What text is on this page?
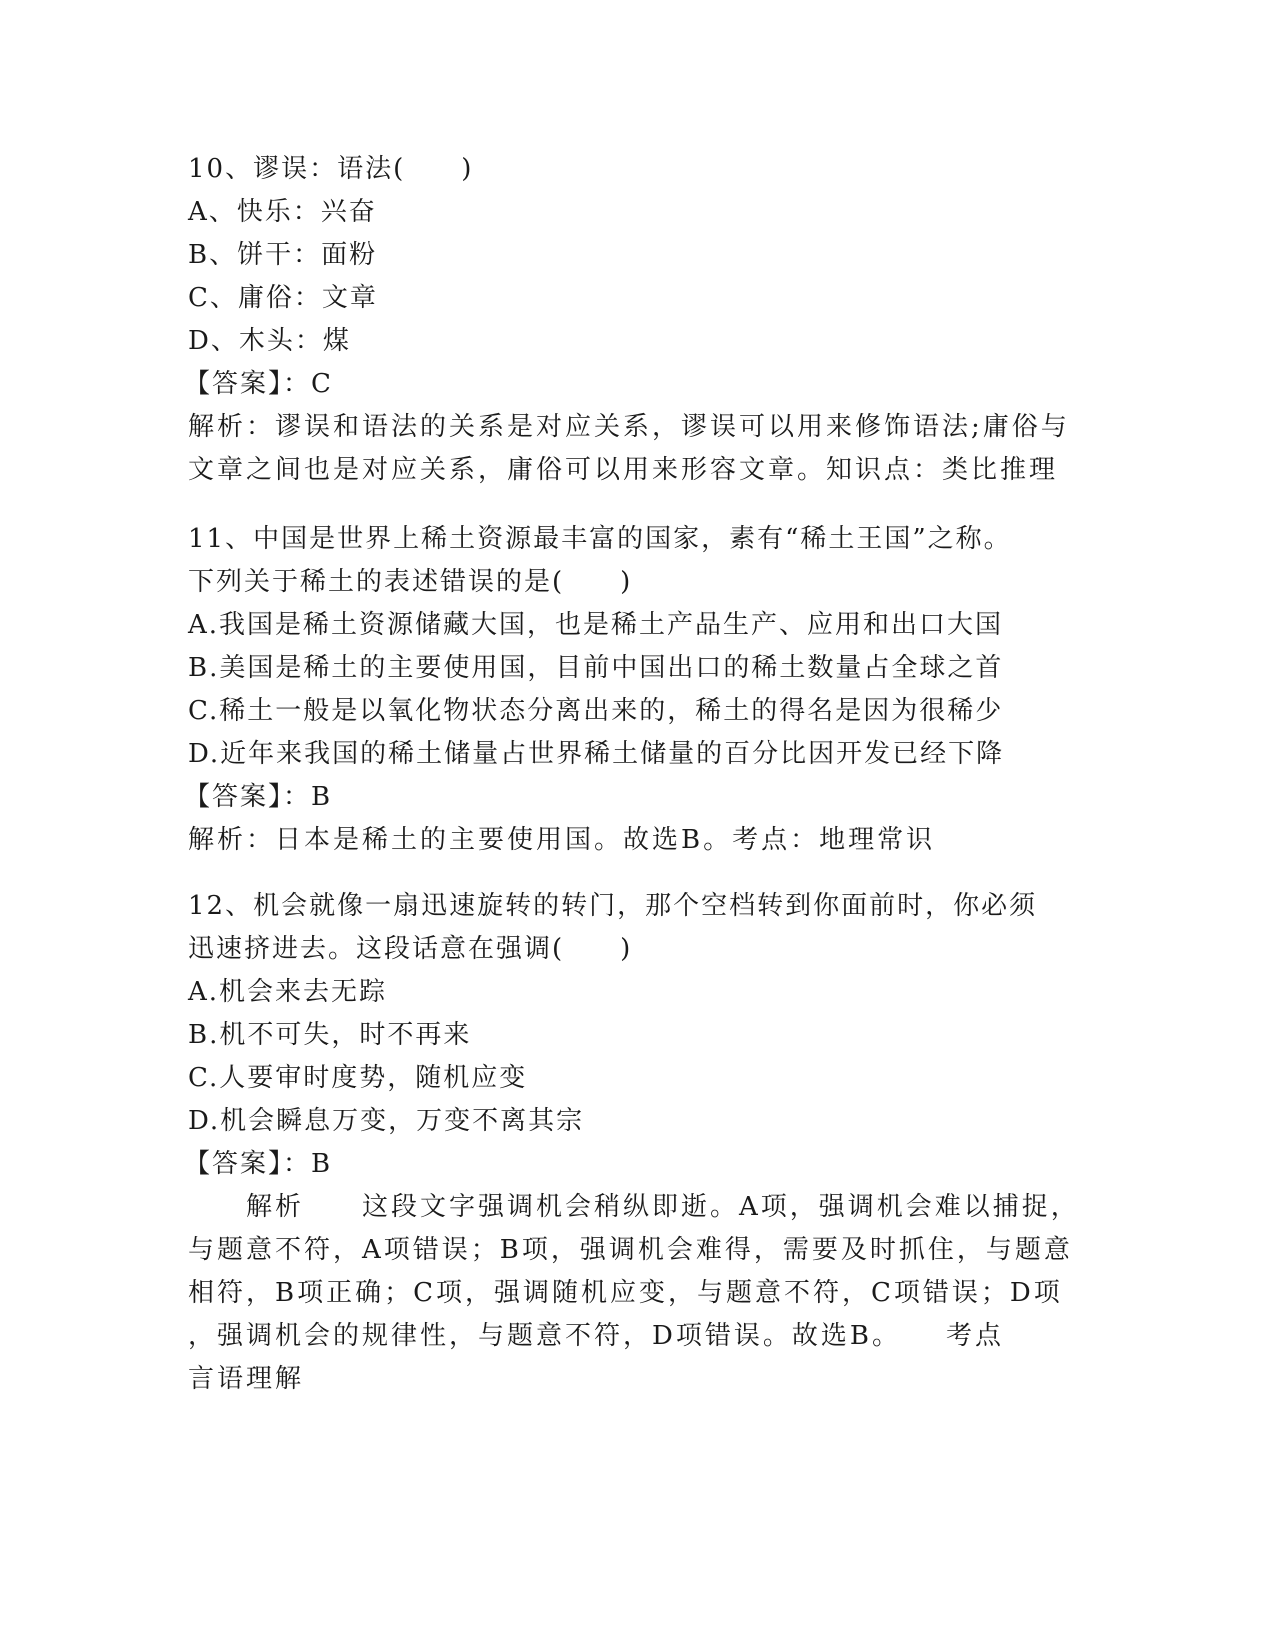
10、谬误：语法(　　)
A、快乐：兴奋
B、饼干：面粉
C、庸俗：文章
D、木头：煤
【答案】：C
解析：谬误和语法的关系是对应关系，谬误可以用来修饰语法;庸俗与
文章之间也是对应关系，庸俗可以用来形容文章。知识点：类比推理
11、中国是世界上稀土资源最丰富的国家，素有“稀土王国”之称。
下列关于稀土的表述错误的是(　　)
A.我国是稀土资源储藏大国，也是稀土产品生产、应用和出口大国
B.美国是稀土的主要使用国，目前中国出口的稀土数量占全球之首
C.稀土一般是以氧化物状态分离出来的，稀土的得名是因为很稀少
D.近年来我国的稀土储量占世界稀土储量的百分比因开发已经下降
【答案】：B
解析：日本是稀土的主要使用国。故选B。考点：地理常识
12、机会就像一扇迅速旋转的转门，那个空档转到你面前时，你必须
迅速挤进去。这段话意在强调(　　)
A.机会来去无踪
B.机不可失，时不再来
C.人要审时度势，随机应变
D.机会瞬息万变，万变不离其宗
【答案】：B
　　解析　　这段文字强调机会稍纵即逝。A项，强调机会难以捕捉，
与题意不符，A项错误；B项，强调机会难得，需要及时抓住，与题意
相符，B项正确；C项，强调随机应变，与题意不符，C项错误；D项
，强调机会的规律性，与题意不符，D项错误。故选B。　　考点
言语理解
